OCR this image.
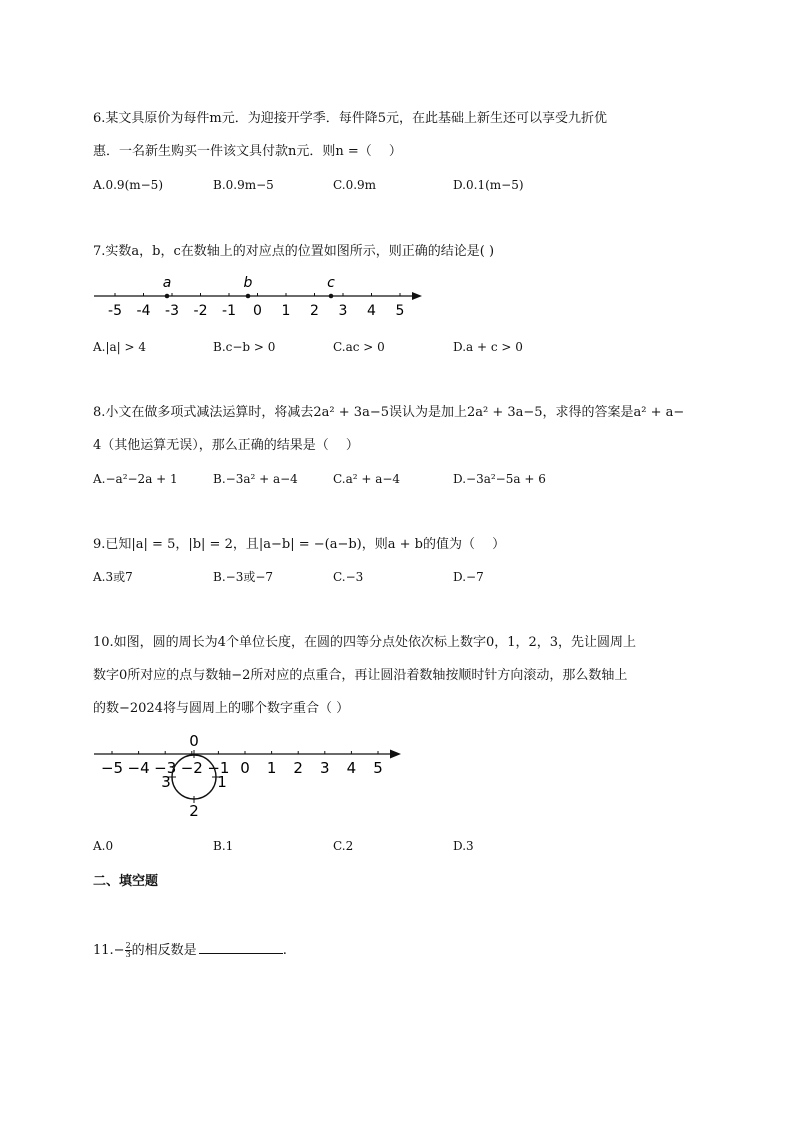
6.某文具原价为每件m元．为迎接开学季．每件降5元，在此基础上新生还可以享受九折优
惠．一名新生购买一件该文具付款n元．则n =（　 ）
A.0.9(m−5)	B.0.9m−5	C.0.9m	D.0.1(m−5)
7.实数a，b，c在数轴上的对应点的位置如图所示，则正确的结论是( )
-5 -4 -3 -2 -1 0 1 2 3 4 5
a	b	c
A.|a| > 4	B.c−b > 0	C.ac > 0	D.a + c > 0
8.小文在做多项式减法运算时，将减去2a² + 3a−5误认为是加上2a² + 3a−5，求得的答案是a² + a−
4（其他运算无误），那么正确的结果是（　 ）
A.−a²−2a + 1	B.−3a² + a−4	C.a² + a−4	D.−3a²−5a + 6
9.已知|a| = 5，|b| = 2，且|a−b| = −(a−b)，则a + b的值为（　 ）
A.3或7	B.−3或−7	C.−3	D.−7
10.如图，圆的周长为4个单位长度，在圆的四等分点处依次标上数字0，1，2，3，先让圆周上
数字0所对应的点与数轴−2所对应的点重合，再让圆沿着数轴按顺时针方向滚动，那么数轴上
的数−2024将与圆周上的哪个数字重合（ ）
−5 −4 −3 −2 −1 0 1 2 3 4 5
0
1
2
3
A.0	B.1	C.2	D.3
二、填空题
$11.- \frac{2}{3}$ 的相反数是	.
